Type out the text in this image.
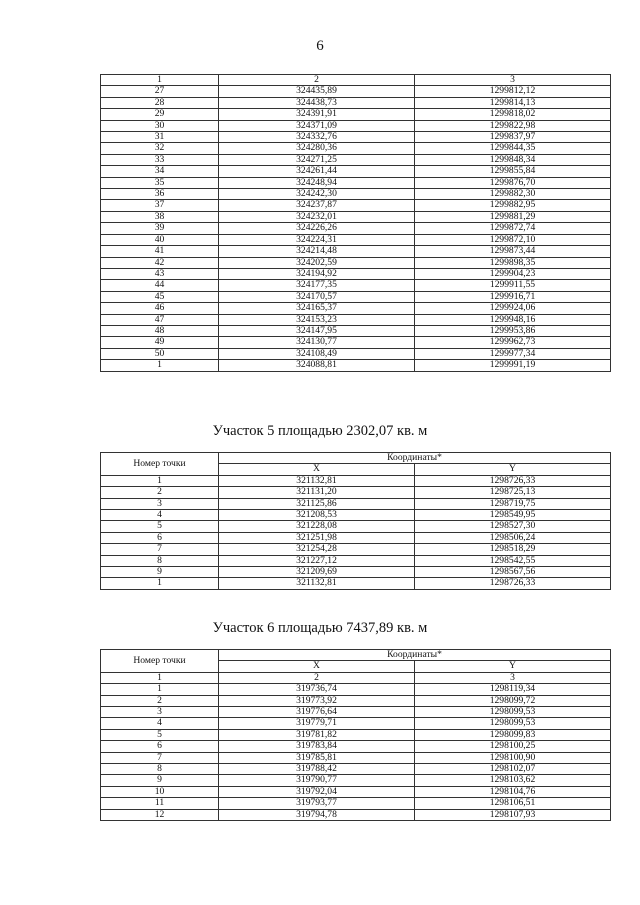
6
1	2	3
27	324435,89	1299812,12
28	324438,73	1299814,13
29	324391,91	1299818,02
30	324371,09	1299822,98
31	324332,76	1299837,97
32	324280,36	1299844,35
33	324271,25	1299848,34
34	324261,44	1299855,84
35	324248,94	1299876,70
36	324242,30	1299882,30
37	324237,87	1299882,95
38	324232,01	1299881,29
39	324226,26	1299872,74
40	324224,31	1299872,10
41	324214,48	1299873,44
42	324202,59	1299898,35
43	324194,92	1299904,23
44	324177,35	1299911,55
45	324170,57	1299916,71
46	324165,37	1299924,06
47	324153,23	1299948,16
48	324147,95	1299953,86
49	324130,77	1299962,73
50	324108,49	1299977,34
1	324088,81	1299991,19
Участок 5 площадью 2302,07 кв. м
Номер точки	Координаты*	
	X	Y
1	321132,81	1298726,33
2	321131,20	1298725,13
3	321125,86	1298719,75
4	321208,53	1298549,95
5	321228,08	1298527,30
6	321251,98	1298506,24
7	321254,28	1298518,29
8	321227,12	1298542,55
9	321209,69	1298567,56
1	321132,81	1298726,33
Участок 6 площадью 7437,89 кв. м
Номер точки	Координаты*	
	X	Y
1	2	3
1	319736,74	1298119,34
2	319773,92	1298099,72
3	319776,64	1298099,53
4	319779,71	1298099,53
5	319781,82	1298099,83
6	319783,84	1298100,25
7	319785,81	1298100,90
8	319788,42	1298102,07
9	319790,77	1298103,62
10	319792,04	1298104,76
11	319793,77	1298106,51
12	319794,78	1298107,93
